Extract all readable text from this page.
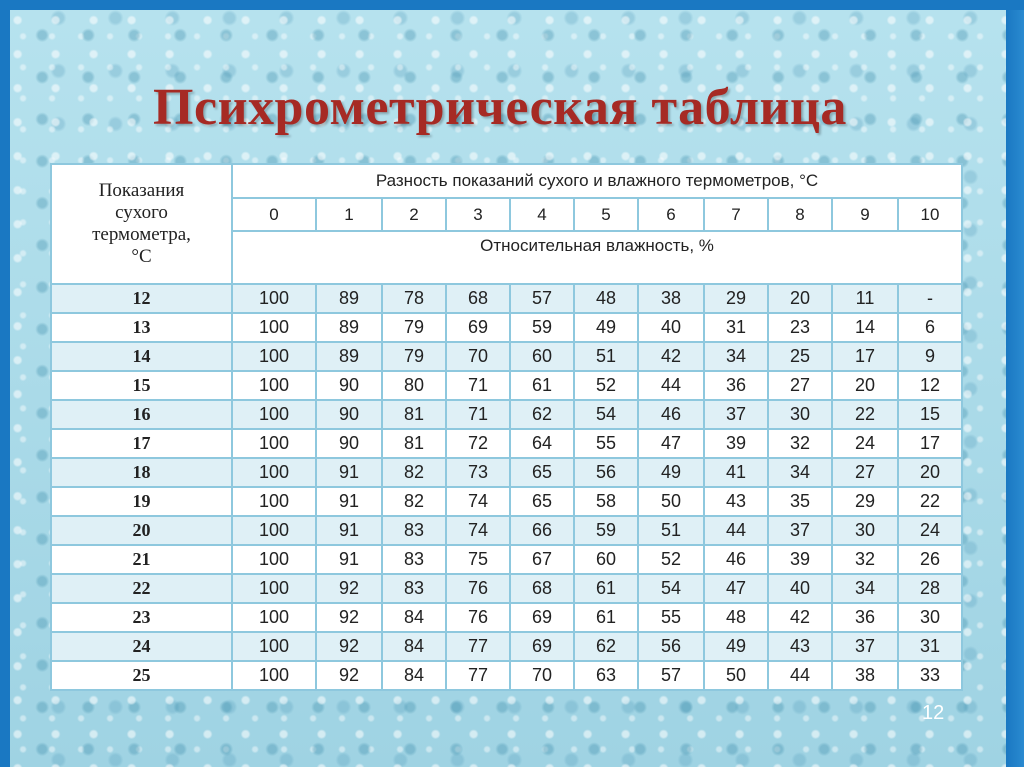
Психрометрическая таблица
Показания
сухого
термометра,
°С	Разность показаний сухого и влажного термометров, °С										
	0	1	2	3	4	5	6	7	8	9	10
	Относительная влажность, %										
12	100	89	78	68	57	48	38	29	20	11	-
13	100	89	79	69	59	49	40	31	23	14	6
14	100	89	79	70	60	51	42	34	25	17	9
15	100	90	80	71	61	52	44	36	27	20	12
16	100	90	81	71	62	54	46	37	30	22	15
17	100	90	81	72	64	55	47	39	32	24	17
18	100	91	82	73	65	56	49	41	34	27	20
19	100	91	82	74	65	58	50	43	35	29	22
20	100	91	83	74	66	59	51	44	37	30	24
21	100	91	83	75	67	60	52	46	39	32	26
22	100	92	83	76	68	61	54	47	40	34	28
23	100	92	84	76	69	61	55	48	42	36	30
24	100	92	84	77	69	62	56	49	43	37	31
25	100	92	84	77	70	63	57	50	44	38	33
12
